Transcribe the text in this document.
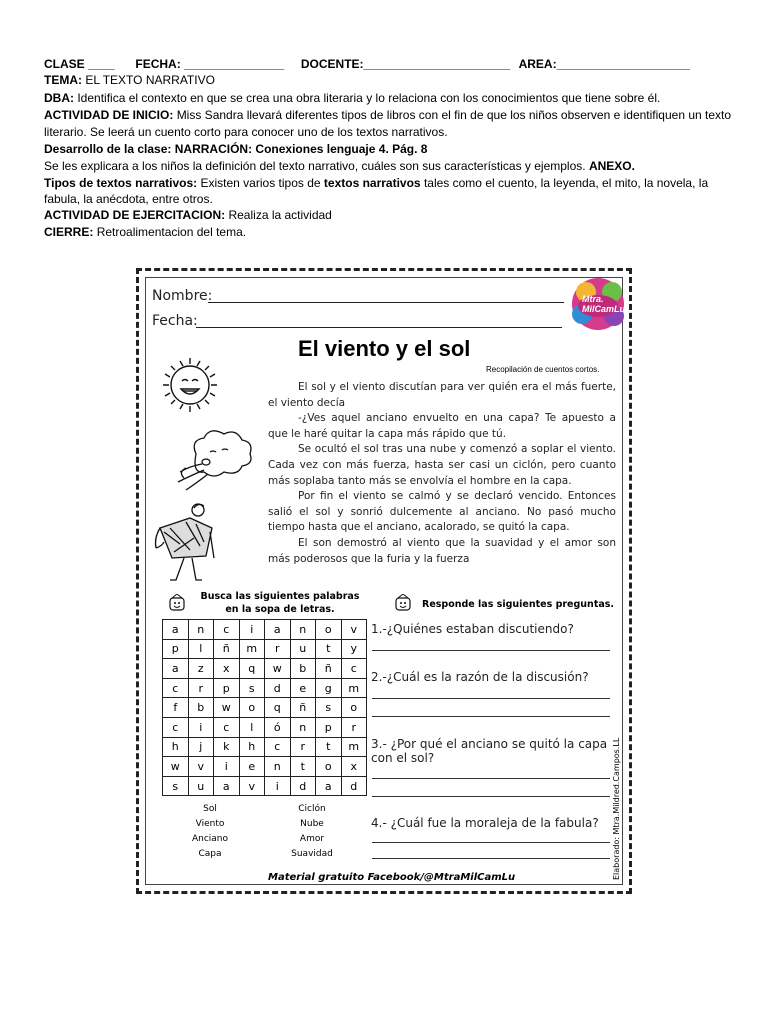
CLASE ____ FECHA: _______________ DOCENTE:______________________ AREA:____________________
TEMA: EL TEXTO NARRATIVO
DBA: Identifica el contexto en que se crea una obra literaria y lo relaciona con los conocimientos que tiene sobre él.
ACTIVIDAD DE INICIO: Miss Sandra llevará diferentes tipos de libros con el fin de que los niños observen e identifiquen un texto literario. Se leerá un cuento corto para conocer uno de los textos narrativos.
Desarrollo de la clase: NARRACIÓN: Conexiones lenguaje 4. Pág. 8
Se les explicara a los niños la definición del texto narrativo, cuáles son sus características y ejemplos. ANEXO.
Tipos de textos narrativos: Existen varios tipos de textos narrativos tales como el cuento, la leyenda, el mito, la novela, la fabula, la anécdota, entre otros.
ACTIVIDAD DE EJERCITACION: Realiza la actividad
CIERRE: Retroalimentacion del tema.
Nombre:
Fecha:
Mtra. MilCamLu
El viento y el sol
Recopilación de cuentos cortos.

El sol y el viento discutían para ver quién era el más fuerte, el viento decía

-¿Ves aquel anciano envuelto en una capa? Te apuesto a que le haré quitar la capa más rápido que tú.

Se ocultó el sol tras una nube y comenzó a soplar el viento. Cada vez con más fuerza, hasta ser casi un ciclón, pero cuanto más soplaba tanto más se envolvía el hombre en la capa.

Por fin el viento se calmó y se declaró vencido. Entonces salió el sol y sonrió dulcemente al anciano. No pasó mucho tiempo hasta que el anciano, acalorado, se quitó la capa.

El son demostró al viento que la suavidad y el amor son más poderosos que la furia y la fuerza

Busca las siguientes palabras
en la sopa de letras.	Responde las siguientes preguntas.
a	n	c	i	a	n	o	v
p	l	ñ	m	r	u	t	y
a	z	x	q	w	b	ñ	c
c	r	p	s	d	e	g	m
f	b	w	o	q	ñ	s	o
c	i	c	l	ó	n	p	r
h	j	k	h	c	r	t	m
w	v	i	e	n	t	o	x
s	u	a	v	i	d	a	d
Sol
Viento
Anciano
Capa
Ciclón
Nube
Amor
Suavidad
1.-¿Quiénes estaban discutiendo?
2.-¿Cuál es la razón de la discusión?
3.- ¿Por qué el anciano se quitó la capa con el sol?
4.- ¿Cuál fue la moraleja de la fabula?
Material gratuito Facebook/@MtraMilCamLu	Elaborado: Mtra.Mildred.Campos.LL
